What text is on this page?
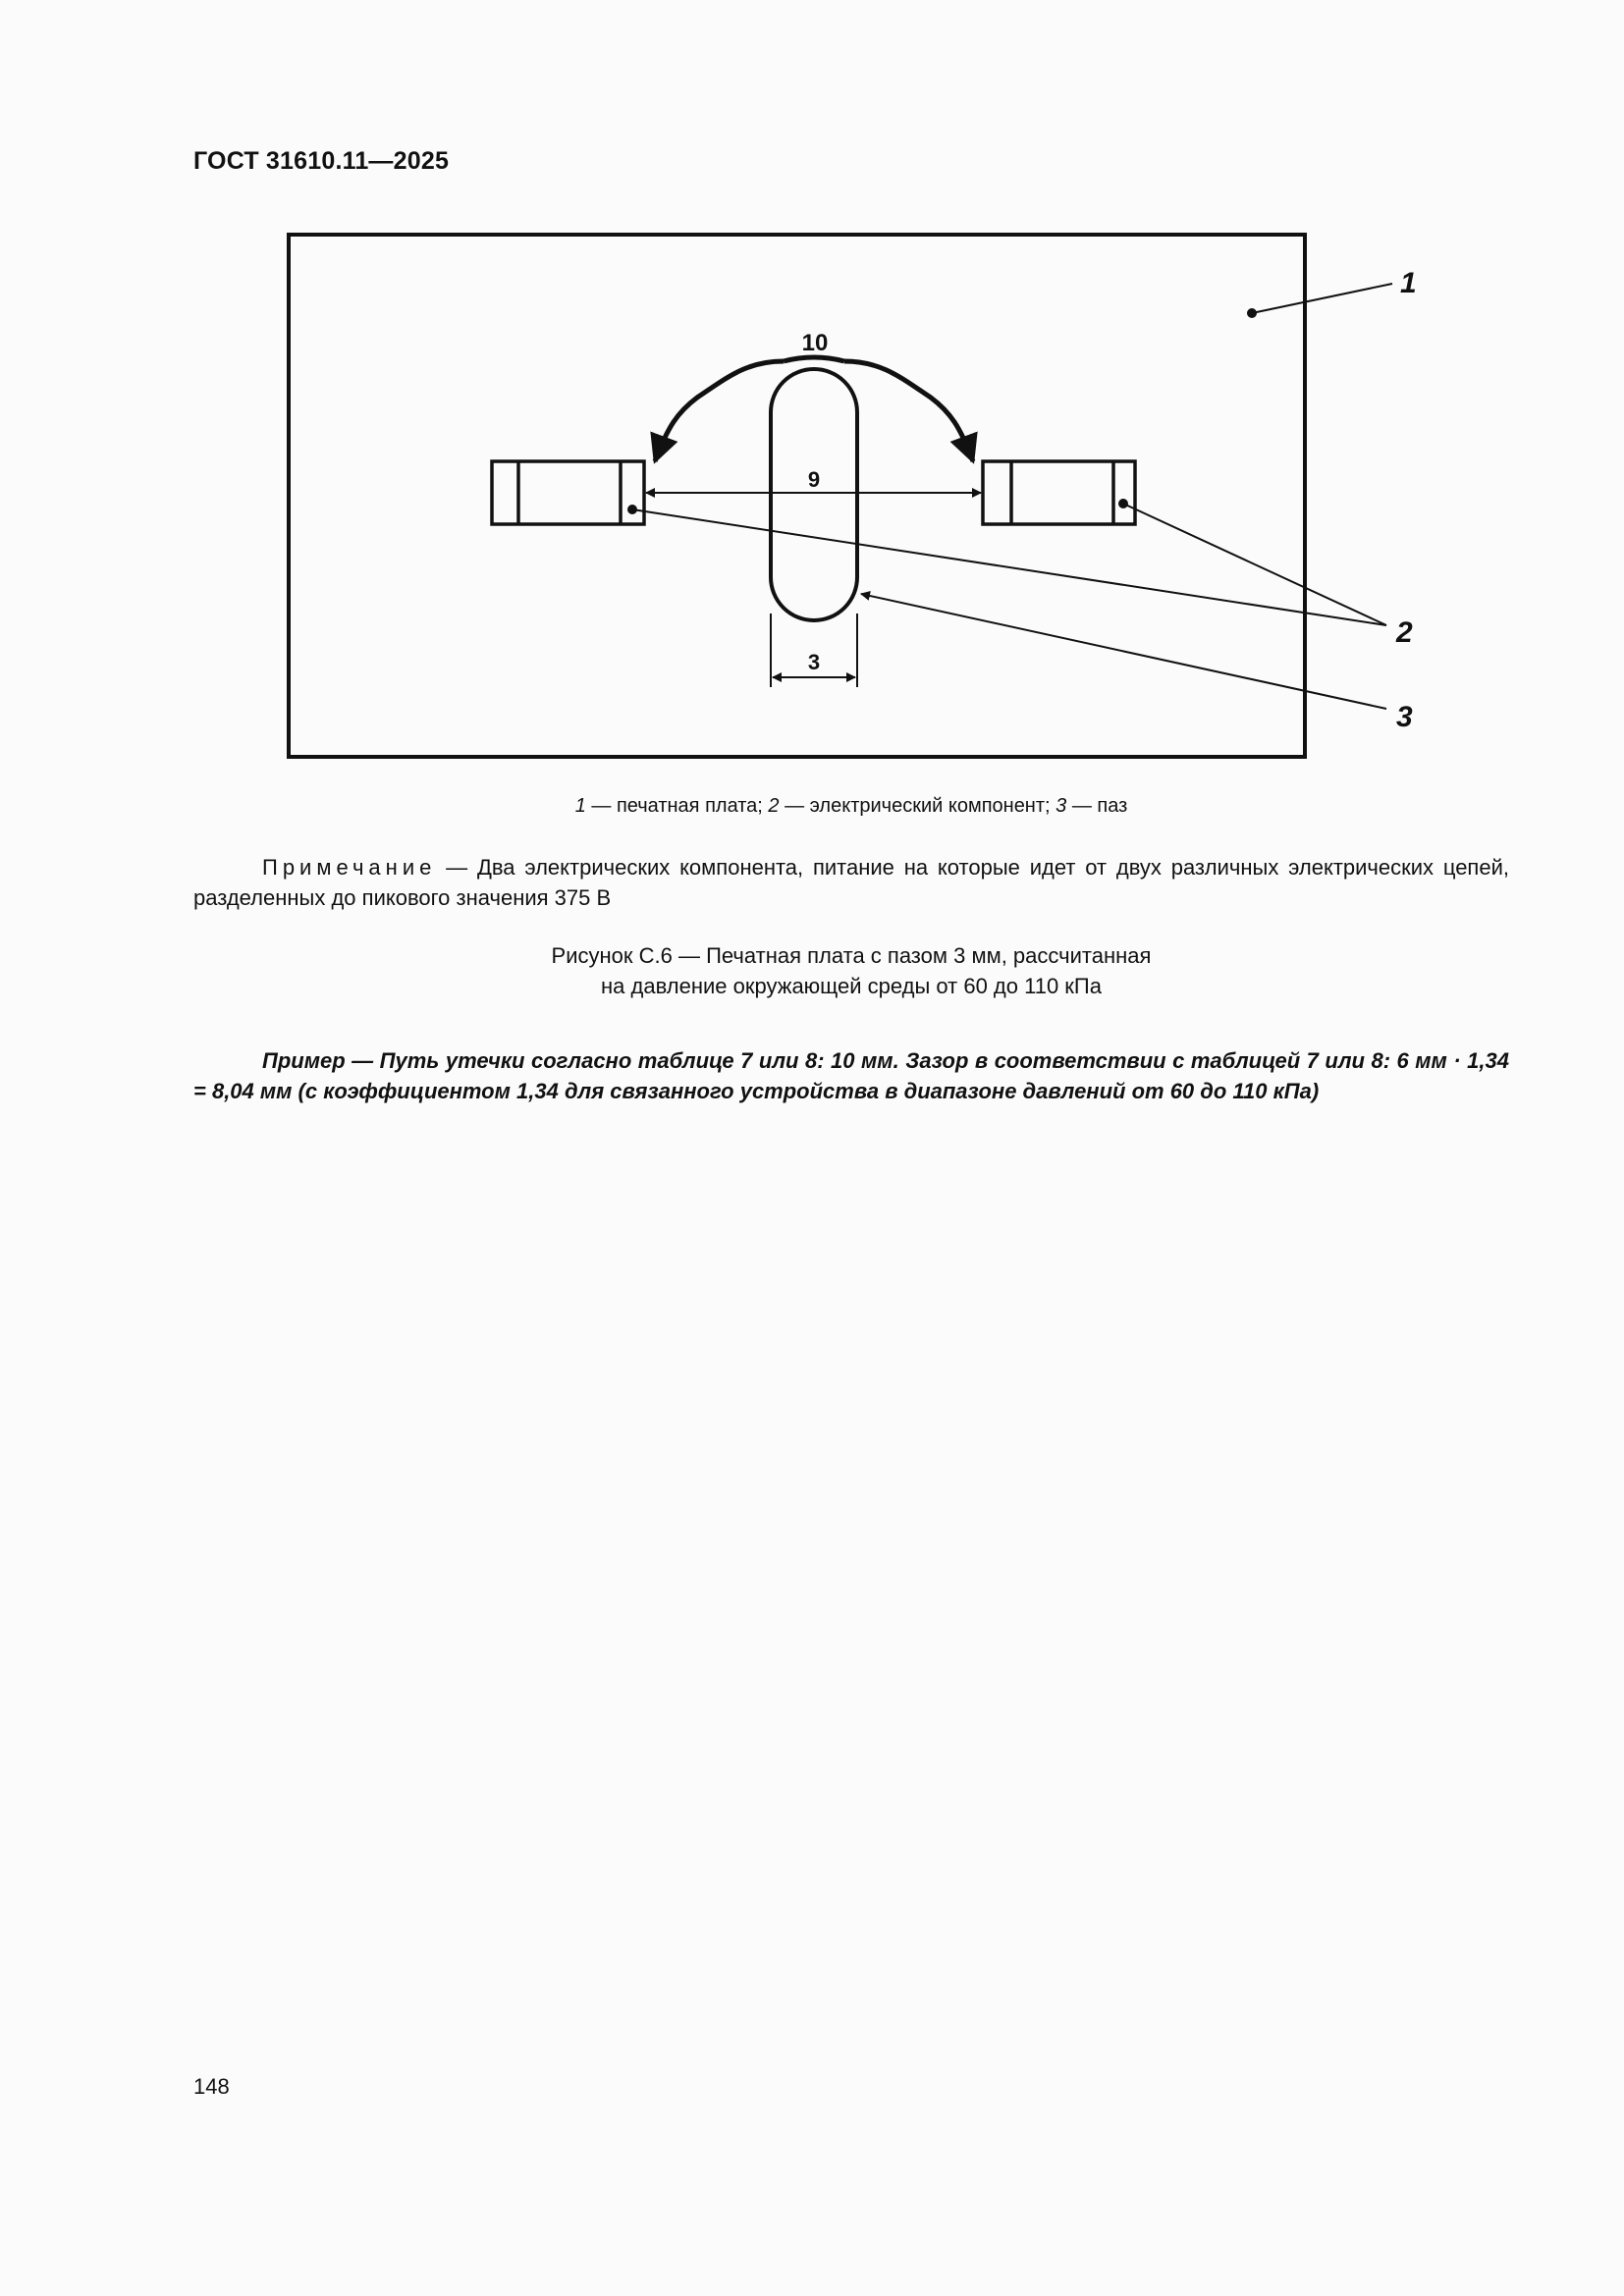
ГОСТ 31610.11—2025
9
10
3
1
2
3
1 — печатная плата; 2 — электрический компонент; 3 — паз
Примечание — Два электрических компонента, питание на которые идет от двух различных электрических цепей, разделенных до пикового значения 375 В
Рисунок С.6 — Печатная плата с пазом 3 мм, рассчитанная
на давление окружающей среды от 60 до 110 кПа
Пример — Путь утечки согласно таблице 7 или 8: 10 мм. Зазор в соответствии с таблицей 7 или 8: 6 мм · 1,34 = 8,04 мм (с коэффициентом 1,34 для связанного устройства в диапазоне давлений от 60 до 110 кПа)
148
